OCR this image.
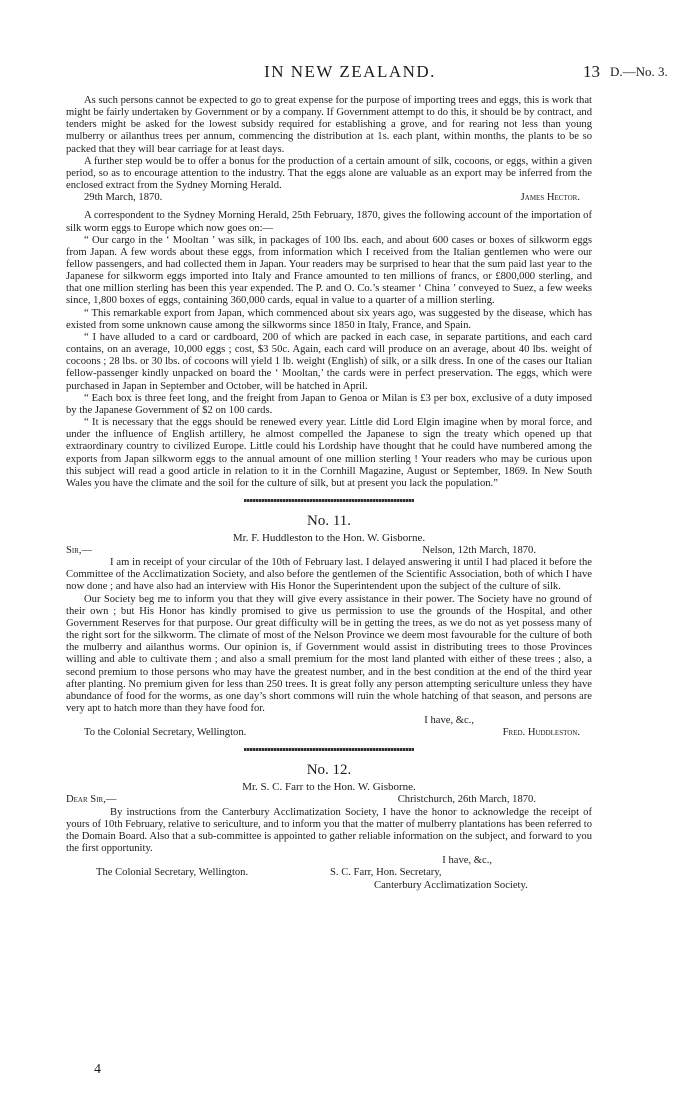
IN NEW ZEALAND.	13 D.—No. 3.

As such persons cannot be expected to go to great expense for the purpose of importing trees and eggs, this is work that might be fairly undertaken by Government or by a company. If Government attempt to do this, it should be by contract, and tenders might be asked for the lowest subsidy required for establishing a grove, and for rearing not less than young mulberry or ailanthus trees per annum, commencing the distribution at 1s. each plant, within months, the plants to be so packed that they will bear carriage for at least days.

A further step would be to offer a bonus for the production of a certain amount of silk, cocoons, or eggs, within a given period, so as to encourage attention to the industry. That the eggs alone are valuable as an export may be inferred from the enclosed extract from the Sydney Morning Herald.

29th March, 1870.	James Hector.

A correspondent to the Sydney Morning Herald, 25th February, 1870, gives the following account of the importation of silk worm eggs to Europe which now goes on:—

“ Our cargo in the ‘ Mooltan ’ was silk, in packages of 100 lbs. each, and about 600 cases or boxes of silkworm eggs from Japan. A few words about these eggs, from information which I received from the Italian gentlemen who were our fellow passengers, and had collected them in Japan. Your readers may be surprised to hear that the sum paid last year to the Japanese for silkworm eggs imported into Italy and France amounted to ten millions of francs, or £800,000 sterling, and that one million sterling has been this year expended. The P. and O. Co.’s steamer ‘ China ’ conveyed to Suez, a few weeks since, 1,800 boxes of eggs, containing 360,000 cards, equal in value to a quarter of a million sterling.

“ This remarkable export from Japan, which commenced about six years ago, was suggested by the disease, which has existed from some unknown cause among the silkworms since 1850 in Italy, France, and Spain.

“ I have alluded to a card or cardboard, 200 of which are packed in each case, in separate partitions, and each card contains, on an average, 10,000 eggs ; cost, $3 50c. Again, each card will produce on an average, about 40 lbs. weight of cocoons ; 28 lbs. or 30 lbs. of cocoons will yield 1 lb. weight (English) of silk, or a silk dress. In one of the cases our Italian fellow-passenger kindly unpacked on board the ‘ Mooltan,’ the cards were in perfect preservation. The eggs, which were purchased in Japan in September and October, will be hatched in April.

“ Each box is three feet long, and the freight from Japan to Genoa or Milan is £3 per box, exclusive of a duty imposed by the Japanese Government of $2 on 100 cards.

“ It is necessary that the eggs should be renewed every year. Little did Lord Elgin imagine when by moral force, and under the influence of English artillery, he almost compelled the Japanese to sign the treaty which opened up that extraordinary country to civilized Europe. Little could his Lordship have thought that he could have numbered among the exports from Japan silkworm eggs to the annual amount of one million sterling ! Your readers who may be curious upon this subject will read a good article in relation to it in the Cornhill Magazine, August or September, 1869. In New South Wales you have the climate and the soil for the culture of silk, but at present you lack the population.”

No. 11.
Mr. F. Huddleston to the Hon. W. Gisborne.
Sir,—	Nelson, 12th March, 1870.

I am in receipt of your circular of the 10th of February last. I delayed answering it until I had placed it before the Committee of the Acclimatization Society, and also before the gentlemen of the Scientific Association, both of which I have now done ; and have also had an interview with His Honor the Superintendent upon the subject of the culture of silk.

Our Society beg me to inform you that they will give every assistance in their power. The Society have no ground of their own ; but His Honor has kindly promised to give us permission to use the grounds of the Hospital, and other Government Reserves for that purpose. Our great difficulty will be in getting the trees, as we do not as yet possess many of the right sort for the silkworm. The climate of most of the Nelson Province we deem most favourable for the culture of both the mulberry and ailanthus worms. Our opinion is, if Government would assist in distributing trees to those Provinces willing and able to cultivate them ; and also a small premium for the most land planted with either of these trees ; also, a second premium to those persons who may have the greatest number, and in the best condition at the end of the third year after planting. No premium given for less than 250 trees. It is great folly any person attempting sericulture unless they have abundance of food for the worms, as one day’s short commons will ruin the whole hatching of that season, and persons are very apt to hatch more than they have food for.

I have, &c.,
To the Colonial Secretary, Wellington.	Fred. Huddleston.
No. 12.
Mr. S. C. Farr to the Hon. W. Gisborne.
Dear Sir,—	Christchurch, 26th March, 1870.

By instructions from the Canterbury Acclimatization Society, I have the honor to acknowledge the receipt of yours of 10th February, relative to sericulture, and to inform you that the matter of mulberry plantations has been referred to the Domain Board. Also that a sub-committee is appointed to gather reliable information on the subject, and forward to you the first opportunity.

I have, &c.,
The Colonial Secretary, Wellington.	S. C. Farr, Hon. Secretary,
Canterbury Acclimatization Society.
4
